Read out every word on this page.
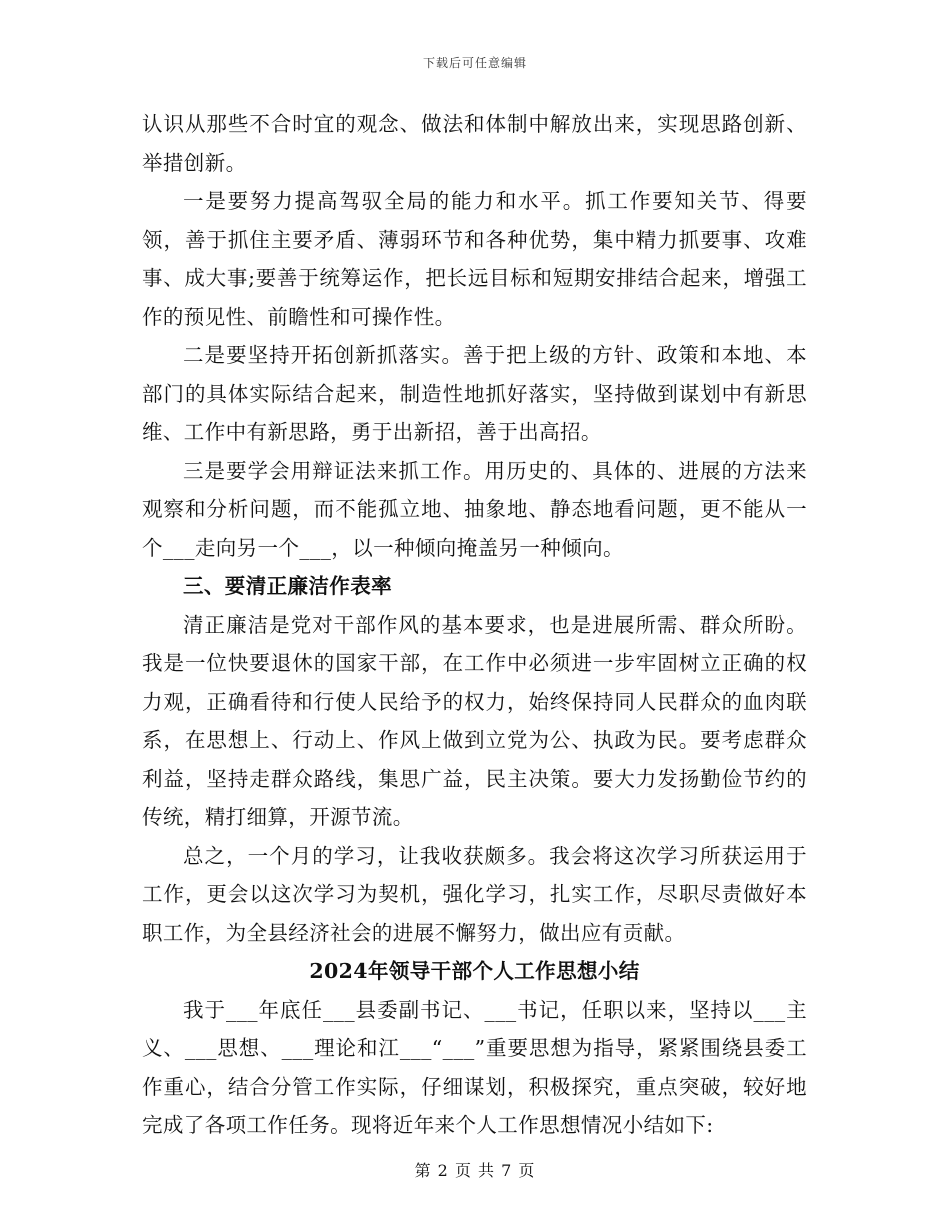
下载后可任意编辑

认识从那些不合时宜的观念、做法和体制中解放出来，实现思路创新、举措创新。

一是要努力提高驾驭全局的能力和水平。抓工作要知关节、得要领，善于抓住主要矛盾、薄弱环节和各种优势，集中精力抓要事、攻难事、成大事;要善于统筹运作，把长远目标和短期安排结合起来，增强工作的预见性、前瞻性和可操作性。

二是要坚持开拓创新抓落实。善于把上级的方针、政策和本地、本部门的具体实际结合起来，制造性地抓好落实，坚持做到谋划中有新思维、工作中有新思路，勇于出新招，善于出高招。

三是要学会用辩证法来抓工作。用历史的、具体的、进展的方法来观察和分析问题，而不能孤立地、抽象地、静态地看问题，更不能从一个___走向另一个___，以一种倾向掩盖另一种倾向。

三、要清正廉洁作表率

清正廉洁是党对干部作风的基本要求，也是进展所需、群众所盼。我是一位快要退休的国家干部，在工作中必须进一步牢固树立正确的权力观，正确看待和行使人民给予的权力，始终保持同人民群众的血肉联系，在思想上、行动上、作风上做到立党为公、执政为民。要考虑群众利益，坚持走群众路线，集思广益，民主决策。要大力发扬勤俭节约的传统，精打细算，开源节流。

总之，一个月的学习，让我收获颇多。我会将这次学习所获运用于工作，更会以这次学习为契机，强化学习，扎实工作，尽职尽责做好本职工作，为全县经济社会的进展不懈努力，做出应有贡献。

2024年领导干部个人工作思想小结

我于___年底任___县委副书记、___书记，任职以来，坚持以___主义、___思想、___理论和江___“___”重要思想为指导，紧紧围绕县委工作重心，结合分管工作实际，仔细谋划，积极探究，重点突破，较好地完成了各项工作任务。现将近年来个人工作思想情况小结如下:

第 2 页 共 7 页
